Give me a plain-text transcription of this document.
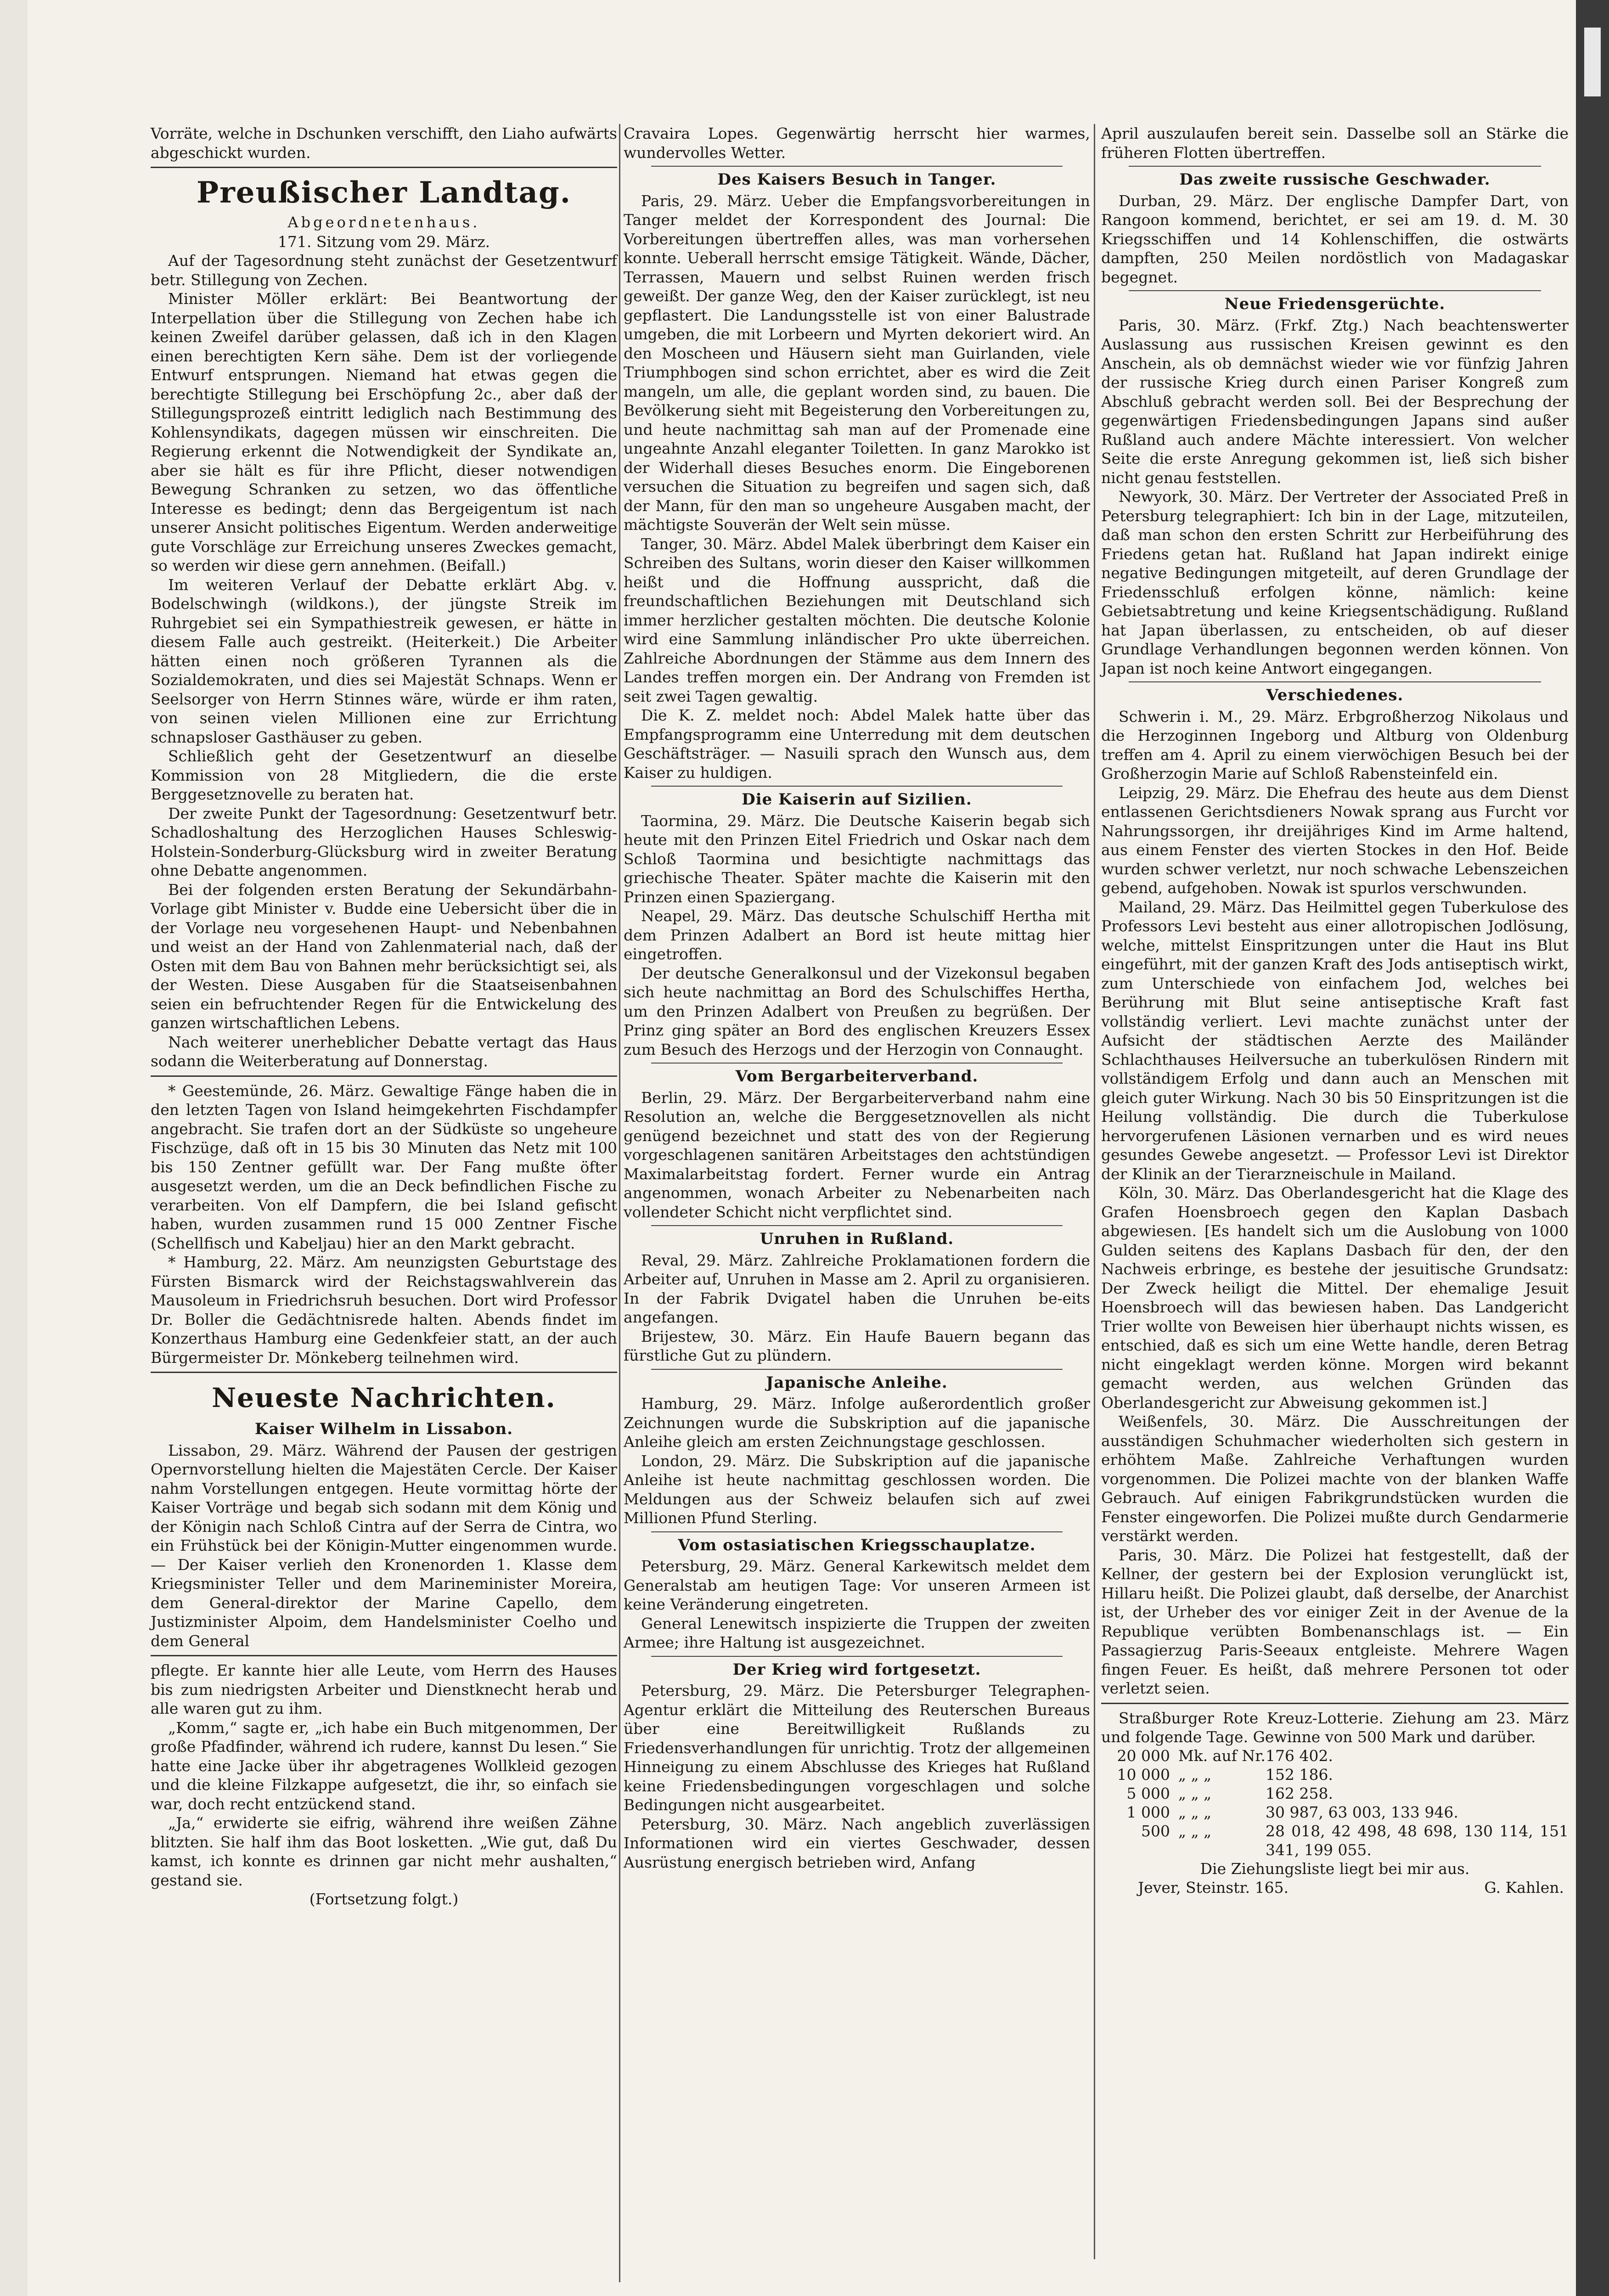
Vorräte, welche in Dschunken verschifft, den Liaho aufwärts abgeschickt wurden.

Preußischer Landtag.
Abgeordnetenhaus.
171. Sitzung vom 29. März.

Auf der Tagesordnung steht zunächst der Gesetzentwurf betr. Stillegung von Zechen.

Minister Möller erklärt: Bei Beantwortung der Interpellation über die Stillegung von Zechen habe ich keinen Zweifel darüber gelassen, daß ich in den Klagen einen berechtigten Kern sähe. Dem ist der vorliegende Entwurf entsprungen. Niemand hat etwas gegen die berechtigte Stillegung bei Erschöpfung 2c., aber daß der Stillegungsprozeß eintritt lediglich nach Bestimmung des Kohlensyndikats, dagegen müssen wir einschreiten. Die Regierung erkennt die Notwendigkeit der Syndikate an, aber sie hält es für ihre Pflicht, dieser notwendigen Bewegung Schranken zu setzen, wo das öffentliche Interesse es bedingt; denn das Bergeigentum ist nach unserer Ansicht politisches Eigentum. Werden anderweitige gute Vorschläge zur Erreichung unseres Zweckes gemacht, so werden wir diese gern annehmen. (Beifall.)

Im weiteren Verlauf der Debatte erklärt Abg. v. Bodelschwingh (wildkons.), der jüngste Streik im Ruhrgebiet sei ein Sympathiestreik gewesen, er hätte in diesem Falle auch gestreikt. (Heiterkeit.) Die Arbeiter hätten einen noch größeren Tyrannen als die Sozialdemokraten, und dies sei Majestät Schnaps. Wenn er Seelsorger von Herrn Stinnes wäre, würde er ihm raten, von seinen vielen Millionen eine zur Errichtung schnapsloser Gasthäuser zu geben.

Schließlich geht der Gesetzentwurf an dieselbe Kommission von 28 Mitgliedern, die die erste Berggesetznovelle zu beraten hat.

Der zweite Punkt der Tagesordnung: Gesetzentwurf betr. Schadloshaltung des Herzoglichen Hauses Schleswig-Holstein-Sonderburg-Glücksburg wird in zweiter Beratung ohne Debatte angenommen.

Bei der folgenden ersten Beratung der Sekundärbahn-Vorlage gibt Minister v. Budde eine Uebersicht über die in der Vorlage neu vorgesehenen Haupt- und Nebenbahnen und weist an der Hand von Zahlenmaterial nach, daß der Osten mit dem Bau von Bahnen mehr berücksichtigt sei, als der Westen. Diese Ausgaben für die Staatseisenbahnen seien ein befruchtender Regen für die Entwickelung des ganzen wirtschaftlichen Lebens.

Nach weiterer unerheblicher Debatte vertagt das Haus sodann die Weiterberatung auf Donnerstag.

* Geestemünde, 26. März. Gewaltige Fänge haben die in den letzten Tagen von Island heimgekehrten Fischdampfer angebracht. Sie trafen dort an der Südküste so ungeheure Fischzüge, daß oft in 15 bis 30 Minuten das Netz mit 100 bis 150 Zentner gefüllt war. Der Fang mußte öfter ausgesetzt werden, um die an Deck befindlichen Fische zu verarbeiten. Von elf Dampfern, die bei Island gefischt haben, wurden zusammen rund 15 000 Zentner Fische (Schellfisch und Kabeljau) hier an den Markt gebracht.

* Hamburg, 22. März. Am neunzigsten Geburtstage des Fürsten Bismarck wird der Reichstagswahlverein das Mausoleum in Friedrichsruh besuchen. Dort wird Professor Dr. Boller die Gedächtnisrede halten. Abends findet im Konzerthaus Hamburg eine Gedenkfeier statt, an der auch Bürgermeister Dr. Mönkeberg teilnehmen wird.

Neueste Nachrichten.
Kaiser Wilhelm in Lissabon.

Lissabon, 29. März. Während der Pausen der gestrigen Opernvorstellung hielten die Majestäten Cercle. Der Kaiser nahm Vorstellungen entgegen. Heute vormittag hörte der Kaiser Vorträge und begab sich sodann mit dem König und der Königin nach Schloß Cintra auf der Serra de Cintra, wo ein Frühstück bei der Königin-Mutter eingenommen wurde. — Der Kaiser verlieh den Kronenorden 1. Klasse dem Kriegsminister Teller und dem Marineminister Moreira, dem General-direktor der Marine Capello, dem Justizminister Alpoim, dem Handelsminister Coelho und dem General

pflegte. Er kannte hier alle Leute, vom Herrn des Hauses bis zum niedrigsten Arbeiter und Dienstknecht herab und alle waren gut zu ihm.

„Komm,“ sagte er, „ich habe ein Buch mitgenommen, Der große Pfadfinder, während ich rudere, kannst Du lesen.“ Sie hatte eine Jacke über ihr abgetragenes Wollkleid gezogen und die kleine Filzkappe aufgesetzt, die ihr, so einfach sie war, doch recht entzückend stand.

„Ja,“ erwiderte sie eifrig, während ihre weißen Zähne blitzten. Sie half ihm das Boot losketten. „Wie gut, daß Du kamst, ich konnte es drinnen gar nicht mehr aushalten,“ gestand sie.

(Fortsetzung folgt.)

Cravaira Lopes. Gegenwärtig herrscht hier warmes, wundervolles Wetter.

Des Kaisers Besuch in Tanger.

Paris, 29. März. Ueber die Empfangsvorbereitungen in Tanger meldet der Korrespondent des Journal: Die Vorbereitungen übertreffen alles, was man vorhersehen konnte. Ueberall herrscht emsige Tätigkeit. Wände, Dächer, Terrassen, Mauern und selbst Ruinen werden frisch geweißt. Der ganze Weg, den der Kaiser zurücklegt, ist neu gepflastert. Die Landungsstelle ist von einer Balustrade umgeben, die mit Lorbeern und Myrten dekoriert wird. An den Moscheen und Häusern sieht man Guirlanden, viele Triumphbogen sind schon errichtet, aber es wird die Zeit mangeln, um alle, die geplant worden sind, zu bauen. Die Bevölkerung sieht mit Begeisterung den Vorbereitungen zu, und heute nachmittag sah man auf der Promenade eine ungeahnte Anzahl eleganter Toiletten. In ganz Marokko ist der Widerhall dieses Besuches enorm. Die Eingeborenen versuchen die Situation zu begreifen und sagen sich, daß der Mann, für den man so ungeheure Ausgaben macht, der mächtigste Souverän der Welt sein müsse.

Tanger, 30. März. Abdel Malek überbringt dem Kaiser ein Schreiben des Sultans, worin dieser den Kaiser willkommen heißt und die Hoffnung ausspricht, daß die freundschaftlichen Beziehungen mit Deutschland sich immer herzlicher gestalten möchten. Die deutsche Kolonie wird eine Sammlung inländischer Pro ukte überreichen. Zahlreiche Abordnungen der Stämme aus dem Innern des Landes treffen morgen ein. Der Andrang von Fremden ist seit zwei Tagen gewaltig.

Die K. Z. meldet noch: Abdel Malek hatte über das Empfangsprogramm eine Unterredung mit dem deutschen Geschäftsträger. — Nasuili sprach den Wunsch aus, dem Kaiser zu huldigen.

Die Kaiserin auf Sizilien.

Taormina, 29. März. Die Deutsche Kaiserin begab sich heute mit den Prinzen Eitel Friedrich und Oskar nach dem Schloß Taormina und besichtigte nachmittags das griechische Theater. Später machte die Kaiserin mit den Prinzen einen Spaziergang.

Neapel, 29. März. Das deutsche Schulschiff Hertha mit dem Prinzen Adalbert an Bord ist heute mittag hier eingetroffen.

Der deutsche Generalkonsul und der Vizekonsul begaben sich heute nachmittag an Bord des Schulschiffes Hertha, um den Prinzen Adalbert von Preußen zu begrüßen. Der Prinz ging später an Bord des englischen Kreuzers Essex zum Besuch des Herzogs und der Herzogin von Connaught.

Vom Bergarbeiterverband.

Berlin, 29. März. Der Bergarbeiterverband nahm eine Resolution an, welche die Berggesetznovellen als nicht genügend bezeichnet und statt des von der Regierung vorgeschlagenen sanitären Arbeitstages den achtstündigen Maximalarbeitstag fordert. Ferner wurde ein Antrag angenommen, wonach Arbeiter zu Nebenarbeiten nach vollendeter Schicht nicht verpflichtet sind.

Unruhen in Rußland.

Reval, 29. März. Zahlreiche Proklamationen fordern die Arbeiter auf, Unruhen in Masse am 2. April zu organisieren. In der Fabrik Dvigatel haben die Unruhen be-eits angefangen.

Brijestew, 30. März. Ein Haufe Bauern begann das fürstliche Gut zu plündern.

Japanische Anleihe.

Hamburg, 29. März. Infolge außerordentlich großer Zeichnungen wurde die Subskription auf die japanische Anleihe gleich am ersten Zeichnungstage geschlossen.

London, 29. März. Die Subskription auf die japanische Anleihe ist heute nachmittag geschlossen worden. Die Meldungen aus der Schweiz belaufen sich auf zwei Millionen Pfund Sterling.

Vom ostasiatischen Kriegsschauplatze.

Petersburg, 29. März. General Karkewitsch meldet dem Generalstab am heutigen Tage: Vor unseren Armeen ist keine Veränderung eingetreten.

General Lenewitsch inspizierte die Truppen der zweiten Armee; ihre Haltung ist ausgezeichnet.

Der Krieg wird fortgesetzt.

Petersburg, 29. März. Die Petersburger Telegraphen-Agentur erklärt die Mitteilung des Reuterschen Bureaus über eine Bereitwilligkeit Rußlands zu Friedensverhandlungen für unrichtig. Trotz der allgemeinen Hinneigung zu einem Abschlusse des Krieges hat Rußland keine Friedensbedingungen vorgeschlagen und solche Bedingungen nicht ausgearbeitet.

Petersburg, 30. März. Nach angeblich zuverlässigen Informationen wird ein viertes Geschwader, dessen Ausrüstung energisch betrieben wird, Anfang

April auszulaufen bereit sein. Dasselbe soll an Stärke die früheren Flotten übertreffen.

Das zweite russische Geschwader.

Durban, 29. März. Der englische Dampfer Dart, von Rangoon kommend, berichtet, er sei am 19. d. M. 30 Kriegsschiffen und 14 Kohlenschiffen, die ostwärts dampften, 250 Meilen nordöstlich von Madagaskar begegnet.

Neue Friedensgerüchte.

Paris, 30. März. (Frkf. Ztg.) Nach beachtenswerter Auslassung aus russischen Kreisen gewinnt es den Anschein, als ob demnächst wieder wie vor fünfzig Jahren der russische Krieg durch einen Pariser Kongreß zum Abschluß gebracht werden soll. Bei der Besprechung der gegenwärtigen Friedensbedingungen Japans sind außer Rußland auch andere Mächte interessiert. Von welcher Seite die erste Anregung gekommen ist, ließ sich bisher nicht genau feststellen.

Newyork, 30. März. Der Vertreter der Associated Preß in Petersburg telegraphiert: Ich bin in der Lage, mitzuteilen, daß man schon den ersten Schritt zur Herbeiführung des Friedens getan hat. Rußland hat Japan indirekt einige negative Bedingungen mitgeteilt, auf deren Grundlage der Friedensschluß erfolgen könne, nämlich: keine Gebietsabtretung und keine Kriegsentschädigung. Rußland hat Japan überlassen, zu entscheiden, ob auf dieser Grundlage Verhandlungen begonnen werden können. Von Japan ist noch keine Antwort eingegangen.

Verschiedenes.

Schwerin i. M., 29. März. Erbgroßherzog Nikolaus und die Herzoginnen Ingeborg und Altburg von Oldenburg treffen am 4. April zu einem vierwöchigen Besuch bei der Großherzogin Marie auf Schloß Rabensteinfeld ein.

Leipzig, 29. März. Die Ehefrau des heute aus dem Dienst entlassenen Gerichtsdieners Nowak sprang aus Furcht vor Nahrungssorgen, ihr dreijähriges Kind im Arme haltend, aus einem Fenster des vierten Stockes in den Hof. Beide wurden schwer verletzt, nur noch schwache Lebenszeichen gebend, aufgehoben. Nowak ist spurlos verschwunden.

Mailand, 29. März. Das Heilmittel gegen Tuberkulose des Professors Levi besteht aus einer allotropischen Jodlösung, welche, mittelst Einspritzungen unter die Haut ins Blut eingeführt, mit der ganzen Kraft des Jods antiseptisch wirkt, zum Unterschiede von einfachem Jod, welches bei Berührung mit Blut seine antiseptische Kraft fast vollständig verliert. Levi machte zunächst unter der Aufsicht der städtischen Aerzte des Mailänder Schlachthauses Heilversuche an tuberkulösen Rindern mit vollständigem Erfolg und dann auch an Menschen mit gleich guter Wirkung. Nach 30 bis 50 Einspritzungen ist die Heilung vollständig. Die durch die Tuberkulose hervorgerufenen Läsionen vernarben und es wird neues gesundes Gewebe angesetzt. — Professor Levi ist Direktor der Klinik an der Tierarzneischule in Mailand.

Köln, 30. März. Das Oberlandesgericht hat die Klage des Grafen Hoensbroech gegen den Kaplan Dasbach abgewiesen. [Es handelt sich um die Auslobung von 1000 Gulden seitens des Kaplans Dasbach für den, der den Nachweis erbringe, es bestehe der jesuitische Grundsatz: Der Zweck heiligt die Mittel. Der ehemalige Jesuit Hoensbroech will das bewiesen haben. Das Landgericht Trier wollte von Beweisen hier überhaupt nichts wissen, es entschied, daß es sich um eine Wette handle, deren Betrag nicht eingeklagt werden könne. Morgen wird bekannt gemacht werden, aus welchen Gründen das Oberlandesgericht zur Abweisung gekommen ist.]

Weißenfels, 30. März. Die Ausschreitungen der ausständigen Schuhmacher wiederholten sich gestern in erhöhtem Maße. Zahlreiche Verhaftungen wurden vorgenommen. Die Polizei machte von der blanken Waffe Gebrauch. Auf einigen Fabrikgrundstücken wurden die Fenster eingeworfen. Die Polizei mußte durch Gendarmerie verstärkt werden.

Paris, 30. März. Die Polizei hat festgestellt, daß der Kellner, der gestern bei der Explosion verunglückt ist, Hillaru heißt. Die Polizei glaubt, daß derselbe, der Anarchist ist, der Urheber des vor einiger Zeit in der Avenue de la Republique verübten Bombenanschlags ist. — Ein Passagierzug Paris-Seeaux entgleiste. Mehrere Wagen fingen Feuer. Es heißt, daß mehrere Personen tot oder verletzt seien.

Straßburger Rote Kreuz-Lotterie. Ziehung am 23. März und folgende Tage. Gewinne von 500 Mark und darüber.

20 000 Mk. auf Nr. 176 402.
10 000 „ „ „	152 186.
5 000 „ „ „	162 258.
1 000 „ „ „	30 987, 63 003, 133 946.
500 „ „ „	28 018, 42 498, 48 698, 130 114, 151 341, 199 055.
Die Ziehungsliste liegt bei mir aus.
Jever, Steinstr. 165.	G. Kahlen.
